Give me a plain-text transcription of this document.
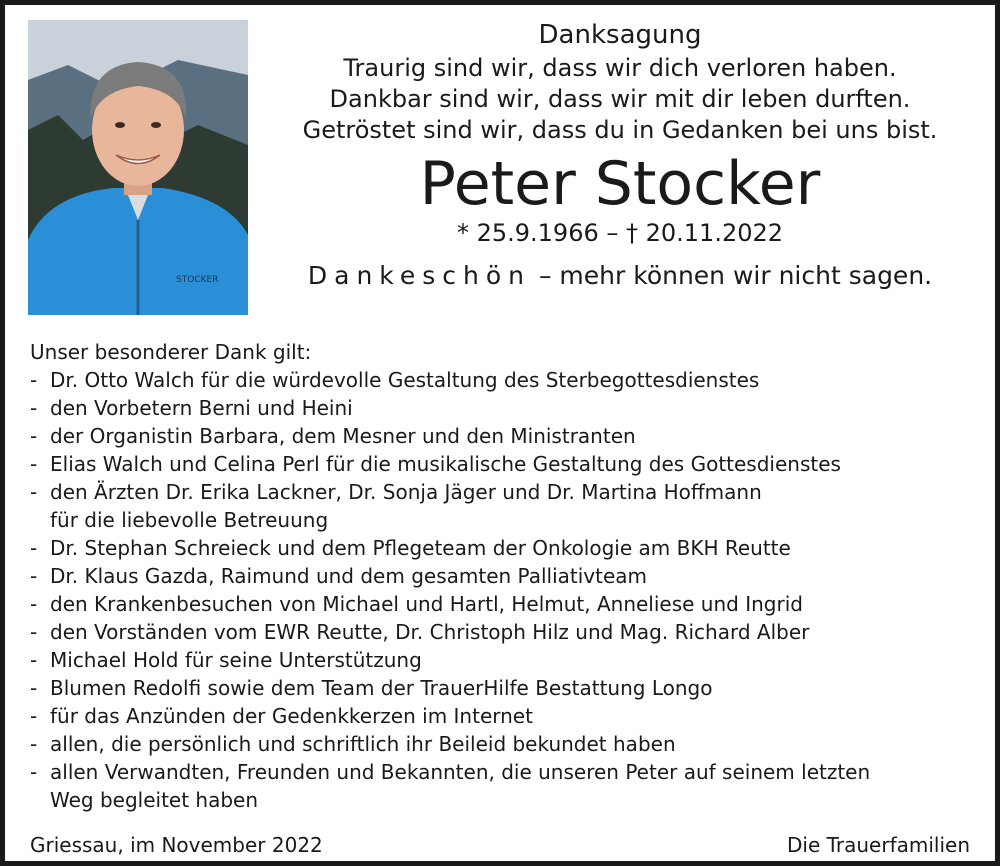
STOCKER
Danksagung
Traurig sind wir, dass wir dich verloren haben.
Dankbar sind wir, dass wir mit dir leben durften.
Getröstet sind wir, dass du in Gedanken bei uns bist.
Peter Stocker
* 25.9.1966 – † 20.11.2022
Dankeschön – mehr können wir nicht sagen.
Unser besonderer Dank gilt:
- Dr. Otto Walch für die würdevolle Gestaltung des Sterbegottesdienstes
- den Vorbetern Berni und Heini
- der Organistin Barbara, dem Mesner und den Ministranten
- Elias Walch und Celina Perl für die musikalische Gestaltung des Gottesdienstes
- den Ärzten Dr. Erika Lackner, Dr. Sonja Jäger und Dr. Martina Hoffmann
für die liebevolle Betreuung
- Dr. Stephan Schreieck und dem Pflegeteam der Onkologie am BKH Reutte
- Dr. Klaus Gazda, Raimund und dem gesamten Palliativteam
- den Krankenbesuchen von Michael und Hartl, Helmut, Anneliese und Ingrid
- den Vorständen vom EWR Reutte, Dr. Christoph Hilz und Mag. Richard Alber
- Michael Hold für seine Unterstützung
- Blumen Redolfi sowie dem Team der TrauerHilfe Bestattung Longo
- für das Anzünden der Gedenkkerzen im Internet
- allen, die persönlich und schriftlich ihr Beileid bekundet haben
- allen Verwandten, Freunden und Bekannten, die unseren Peter auf seinem letzten
Weg begleitet haben
Griessau, im November 2022	Die Trauerfamilien
